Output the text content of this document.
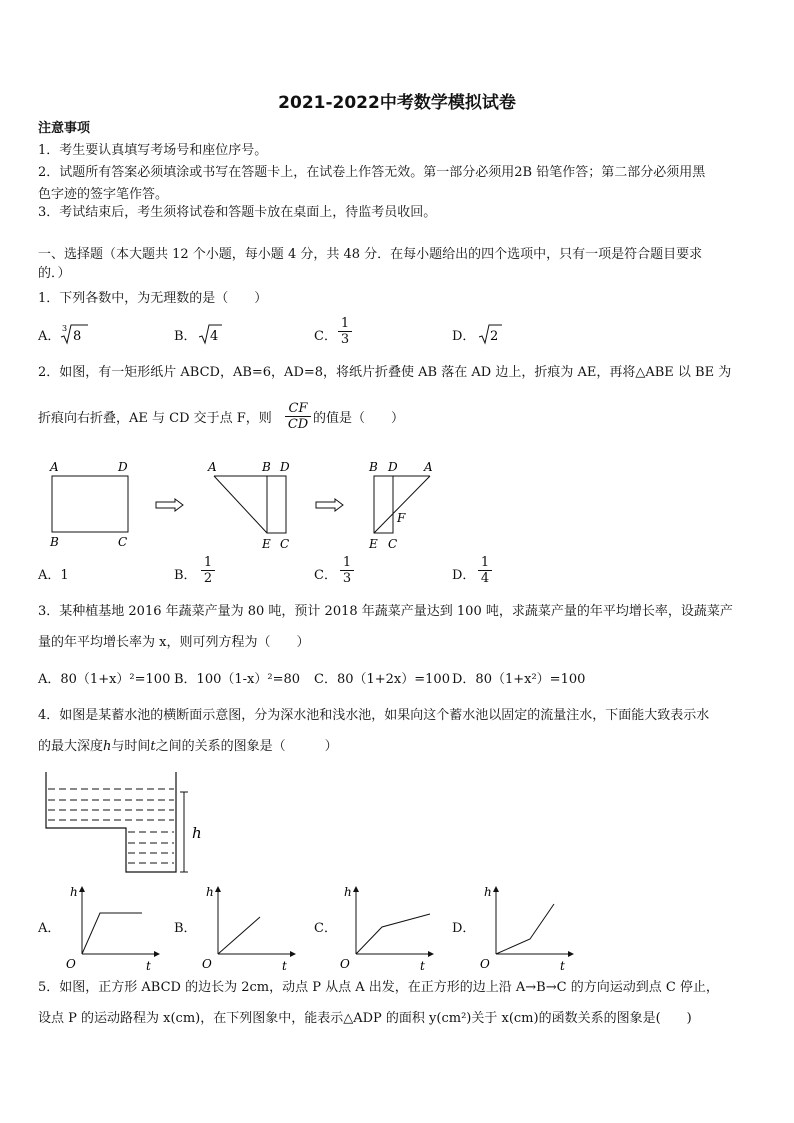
2021-2022中考数学模拟试卷
注意事项
1．考生要认真填写考场号和座位序号。
2．试题所有答案必须填涂或书写在答题卡上，在试卷上作答无效。第一部分必须用2B 铅笔作答；第二部分必须用黑
色字迹的签字笔作答。
3．考试结束后，考生须将试卷和答题卡放在桌面上，待监考员收回。
一、选择题（本大题共 12 个小题，每小题 4 分，共 48 分．在每小题给出的四个选项中，只有一项是符合题目要求
的．）
1．下列各数中，为无理数的是（　　）
A．
3
8	B． 4	C． $\frac{1}{3}$	D． 2
2．如图，有一矩形纸片 ABCD，AB=6，AD=8，将纸片折叠使 AB 落在 AD 边上，折痕为 AE，再将△ABE 以 BE 为
折痕向右折叠，AE 与 CD 交于点 F，则 $\frac{CF}{CD}$ 的值是（　　）
A	D
B	C
A	B D
E C
B D A
F
E C
A．1	B． $\frac{1}{2}$	C． $\frac{1}{3}$	D． $\frac{1}{4}$
3．某种植基地 2016 年蔬菜产量为 80 吨，预计 2018 年蔬菜产量达到 100 吨，求蔬菜产量的年平均增长率，设蔬菜产
量的年平均增长率为 x，则可列方程为（　　）
A．80（1+x）²=100 B．100（1-x）²=80 C．80（1+2x）=100 D．80（1+x²）=100
4．如图是某蓄水池的横断面示意图，分为深水池和浅水池，如果向这个蓄水池以固定的流量注水，下面能大致表示水
的最大深度h与时间t之间的关系的图象是（　　　）
h
A．
h
O	t
B．
h
O	t
C．
h
O	t
D．
h
O	t
5．如图，正方形 ABCD 的边长为 2cm，动点 P 从点 A 出发，在正方形的边上沿 A→B→C 的方向运动到点 C 停止，
设点 P 的运动路程为 x(cm)，在下列图象中，能表示△ADP 的面积 y(cm²)关于 x(cm)的函数关系的图象是(　　)
